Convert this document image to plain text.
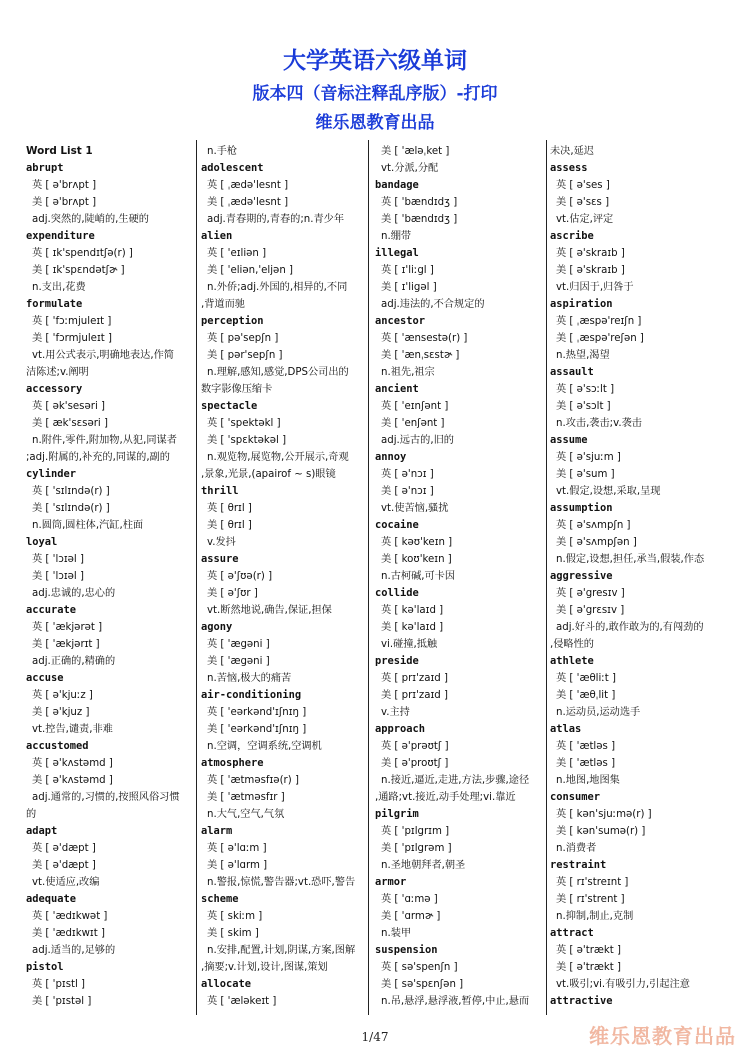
大学英语六级单词
版本四（音标注释乱序版）-打印
维乐恩教育出品
Word List 1
abrupt
英 [ ə'brʌpt ]
美 [ ə'brʌpt ]
adj.突然的,陡峭的,生硬的
expenditure
英 [ ɪk'spendɪtʃə(r) ]
美 [ ɪk'spɛndətʃɚ ]
n.支出,花费
formulate
英 [ 'fɔːmjuleɪt ]
美 [ 'fɔrmjuleɪt ]
vt.用公式表示,明确地表达,作简
洁陈述;v.阐明
accessory
英 [ ək'sesəri ]
美 [ æk'sɛsəri ]
n.附件,零件,附加物,从犯,同谋者
;adj.附属的,补充的,同谋的,副的
cylinder
英 [ 'sɪlɪndə(r) ]
美 [ 'sɪlɪndə(r) ]
n.圆筒,圆柱体,汽缸,柱面
loyal
英 [ 'lɔɪəl ]
美 [ 'lɔɪəl ]
adj.忠诚的,忠心的
accurate
英 [ 'ækjərət ]
美 [ 'ækjərɪt ]
adj.正确的,精确的
accuse
英 [ ə'kjuːz ]
美 [ ə'kjuz ]
vt.控告,谴责,非难
accustomed
英 [ ə'kʌstəmd ]
美 [ ə'kʌstəmd ]
adj.通常的,习惯的,按照风俗习惯
的
adapt
英 [ ə'dæpt ]
美 [ ə'dæpt ]
vt.使适应,改编
adequate
英 [ 'ædɪkwət ]
美 [ 'ædɪkwɪt ]
adj.适当的,足够的
pistol
英 [ 'pɪstl ]
美 [ 'pɪstəl ]
n.手枪
adolescent
英 [ ˌædə'lesnt ]
美 [ ˌædə'lesnt ]
adj.青春期的,青春的;n.青少年
alien
英 [ 'eɪliən ]
美 [ 'eliən,'eljən ]
n.外侨;adj.外国的,相异的,不同
,背道而驰
perception
英 [ pə'sepʃn ]
美 [ pər'sepʃn ]
n.理解,感知,感觉,DPS公司出的
数字影像压缩卡
spectacle
英 [ 'spektəkl ]
美 [ 'spɛktəkəl ]
n.观览物,展览物,公开展示,奇观
,景象,光景,(apairof ~ s)眼镜
thrill
英 [ θrɪl ]
美 [ θrɪl ]
v.发抖
assure
英 [ ə'ʃʊə(r) ]
美 [ ə'ʃʊr ]
vt.断然地说,确告,保证,担保
agony
英 [ 'ægəni ]
美 [ 'ægəni ]
n.苦恼,极大的痛苦
air-conditioning
英 [ 'eərkənd'ɪʃnɪŋ ]
美 [ 'eərkənd'ɪʃnɪŋ ]
n.空调，空调系统,空调机
atmosphere
英 [ 'ætməsfɪə(r) ]
美 [ 'ætməsfɪr ]
n.大气,空气,气氛
alarm
英 [ ə'lɑːm ]
美 [ ə'lɑrm ]
n.警报,惊慌,警告器;vt.恐吓,警告
scheme
英 [ skiːm ]
美 [ skim ]
n.安排,配置,计划,阴谋,方案,图解
,摘要;v.计划,设计,图谋,策划
allocate
英 [ 'æləkeɪt ]
美 [ 'æləˌket ]
vt.分派,分配
bandage
英 [ 'bændɪdʒ ]
美 [ 'bændɪdʒ ]
n.绷带
illegal
英 [ ɪ'liːgl ]
美 [ ɪ'ligəl ]
adj.违法的,不合规定的
ancestor
英 [ 'ænsestə(r) ]
美 [ 'ænˌsɛstɚ ]
n.祖先,祖宗
ancient
英 [ 'eɪnʃənt ]
美 [ 'enʃənt ]
adj.远古的,旧的
annoy
英 [ ə'nɔɪ ]
美 [ ə'nɔɪ ]
vt.使苦恼,骚扰
cocaine
英 [ kəʊ'keɪn ]
美 [ koʊ'keɪn ]
n.古柯碱,可卡因
collide
英 [ kə'laɪd ]
美 [ kə'laɪd ]
vi.碰撞,抵触
preside
英 [ prɪ'zaɪd ]
美 [ prɪ'zaɪd ]
v.主持
approach
英 [ ə'prəʊtʃ ]
美 [ ə'proʊtʃ ]
n.接近,逼近,走进,方法,步骤,途径
,通路;vt.接近,动手处理;vi.靠近
pilgrim
英 [ 'pɪlgrɪm ]
美 [ 'pɪlgrəm ]
n.圣地朝拜者,朝圣
armor
英 [ 'ɑːmə ]
美 [ 'ɑrmɚ ]
n.装甲
suspension
英 [ sə'spenʃn ]
美 [ sə'spɛnʃən ]
n.吊,悬浮,悬浮液,暂停,中止,悬而
未决,延迟
assess
英 [ ə'ses ]
美 [ ə'sɛs ]
vt.估定,评定
ascribe
英 [ ə'skraɪb ]
美 [ ə'skraɪb ]
vt.归因于,归咎于
aspiration
英 [ ˌæspə'reɪʃn ]
美 [ ˌæspə'reʃən ]
n.热望,渴望
assault
英 [ ə'sɔːlt ]
美 [ ə'sɔlt ]
n.攻击,袭击;v.袭击
assume
英 [ ə'sjuːm ]
美 [ ə'sum ]
vt.假定,设想,采取,呈现
assumption
英 [ ə'sʌmpʃn ]
美 [ ə'sʌmpʃən ]
n.假定,设想,担任,承当,假装,作态
aggressive
英 [ ə'gresɪv ]
美 [ ə'grɛsɪv ]
adj.好斗的,敢作敢为的,有闯劲的
,侵略性的
athlete
英 [ 'æθliːt ]
美 [ 'æθˌlit ]
n.运动员,运动选手
atlas
英 [ 'ætləs ]
美 [ 'ætləs ]
n.地图,地图集
consumer
英 [ kən'sjuːmə(r) ]
美 [ kən'sumə(r) ]
n.消费者
restraint
英 [ rɪ'streɪnt ]
美 [ rɪ'strent ]
n.抑制,制止,克制
attract
英 [ ə'trækt ]
美 [ ə'trækt ]
vt.吸引;vi.有吸引力,引起注意
attractive
1/47	维乐恩教育出品
